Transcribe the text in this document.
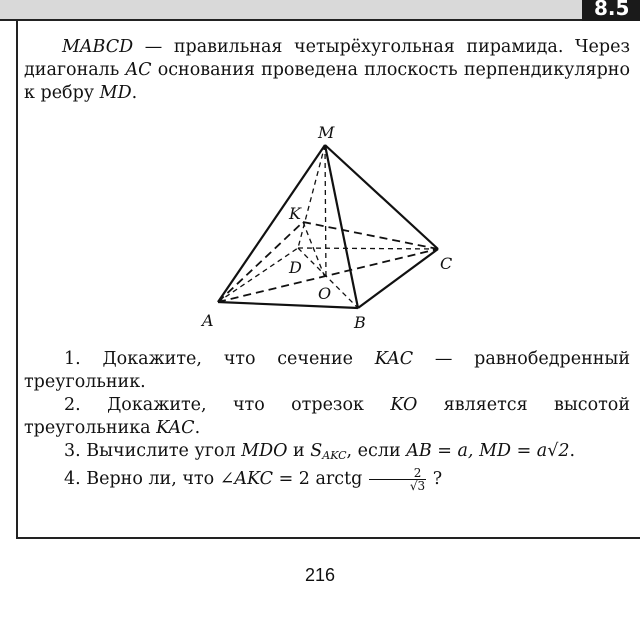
8.5

MABCD — правильная четырёхугольная пирамида. Через диагональ AC основания проведена плоскость перпендикулярно к ребру MD.

M
K
D	C
O
A	B

1. Докажите, что сечение KAC — равнобедренный треугольник.

2. Докажите, что отрезок KO является высотой треугольника KAC.

3. Вычислите угол MDO и $S_{AKC}$, если AB = a, MD = a√2.

4. Верно ли, что ∠AKC = 2 arctg $\frac{2}{√3}$ ?

216
